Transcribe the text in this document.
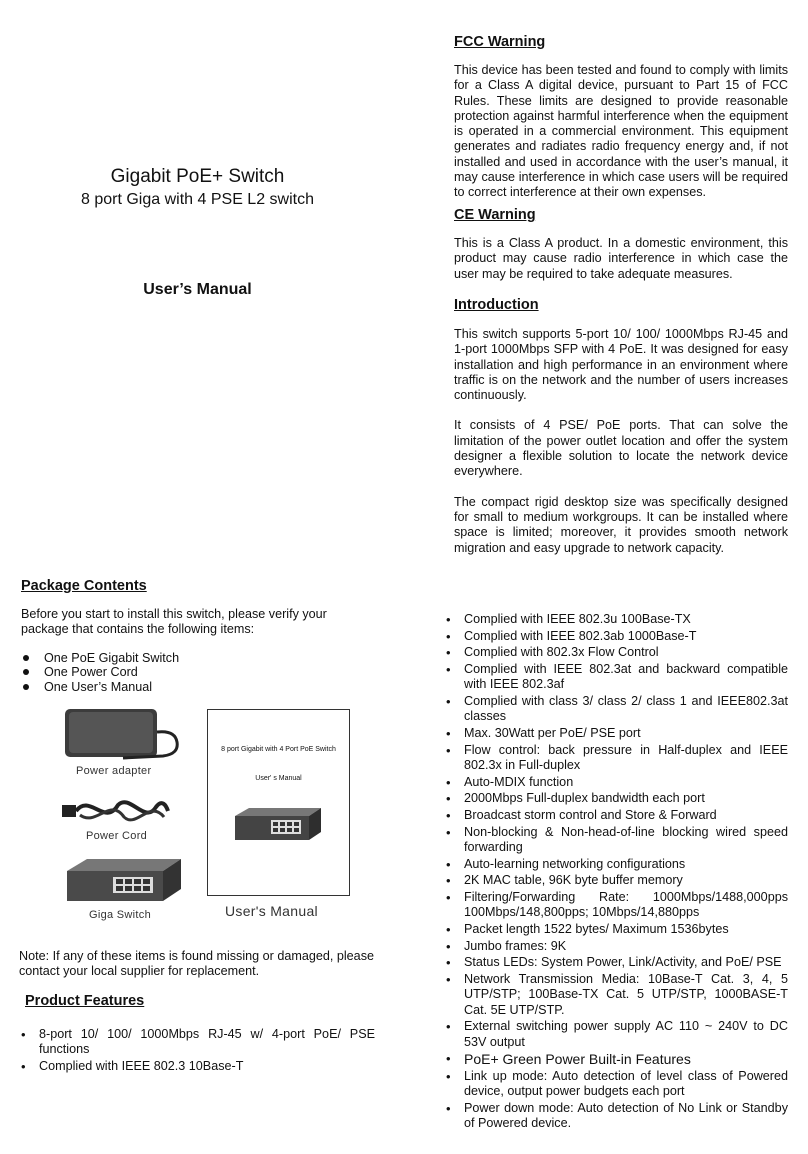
Gigabit PoE+ Switch
8 port Giga with 4 PSE L2 switch
User’s Manual
FCC Warning
This device has been tested and found to comply with limits for a Class A digital device, pursuant to Part 15 of FCC Rules. These limits are designed to provide reasonable protection against harmful interference when the equipment is operated in a commercial environment. This equipment generates and radiates radio frequency energy and, if not installed and used in accordance with the user’s manual, it may cause interference in which case users will be required to correct interference at their own expenses.
CE Warning
This is a Class A product. In a domestic environment, this product may cause radio interference in which case the user may be required to take adequate measures.
Introduction
This switch supports 5-port 10/ 100/ 1000Mbps RJ-45 and 1-port 1000Mbps SFP with 4 PoE. It was designed for easy installation and high performance in an environment where traffic is on the network and the number of users increases continuously.
It consists of 4 PSE/ PoE ports. That can solve the limitation of the power outlet location and offer the system designer a flexible solution to locate the network device everywhere.
The compact rigid desktop size was specifically designed for small to medium workgroups. It can be installed where space is limited; moreover, it provides smooth network migration and easy upgrade to network capacity.
Package Contents
Before you start to install this switch, please verify your package that contains the following items:
One PoE Gigabit Switch
One Power Cord
One User’s Manual
Power adapter
Power Cord
Giga Switch
8 port Gigabit with 4 Port PoE Switch
User' s Manual
User's Manual
Note: If any of these items is found missing or damaged, please contact your local supplier for replacement.
Product Features
• 8-port 10/ 100/ 1000Mbps RJ-45 w/ 4-port PoE/ PSE functions
• Complied with IEEE 802.3 10Base-T
• Complied with IEEE 802.3u 100Base-TX
• Complied with IEEE 802.3ab 1000Base-T
• Complied with 802.3x Flow Control
• Complied with IEEE 802.3at and backward compatible with IEEE 802.3af
• Complied with class 3/ class 2/ class 1 and IEEE802.3at classes
• Max. 30Watt per PoE/ PSE port
• Flow control: back pressure in Half-duplex and IEEE 802.3x in Full-duplex
• Auto-MDIX function
• 2000Mbps Full-duplex bandwidth each port
• Broadcast storm control and Store & Forward
• Non-blocking & Non-head-of-line blocking wired speed forwarding
• Auto-learning networking configurations
• 2K MAC table, 96K byte buffer memory
• Filtering/Forwarding Rate: 1000Mbps/1488,000pps 100Mbps/148,800pps; 10Mbps/14,880pps
• Packet length 1522 bytes/ Maximum 1536bytes
• Jumbo frames: 9K
• Status LEDs: System Power, Link/Activity, and PoE/ PSE
• Network Transmission Media: 10Base-T Cat. 3, 4, 5 UTP/STP; 100Base-TX Cat. 5 UTP/STP, 1000BASE-T Cat. 5E UTP/STP.
• External switching power supply AC 110 ~ 240V to DC 53V output
• PoE+ Green Power Built-in Features
• Link up mode: Auto detection of level class of Powered device, output power budgets each port
• Power down mode: Auto detection of No Link or Standby of Powered device.
